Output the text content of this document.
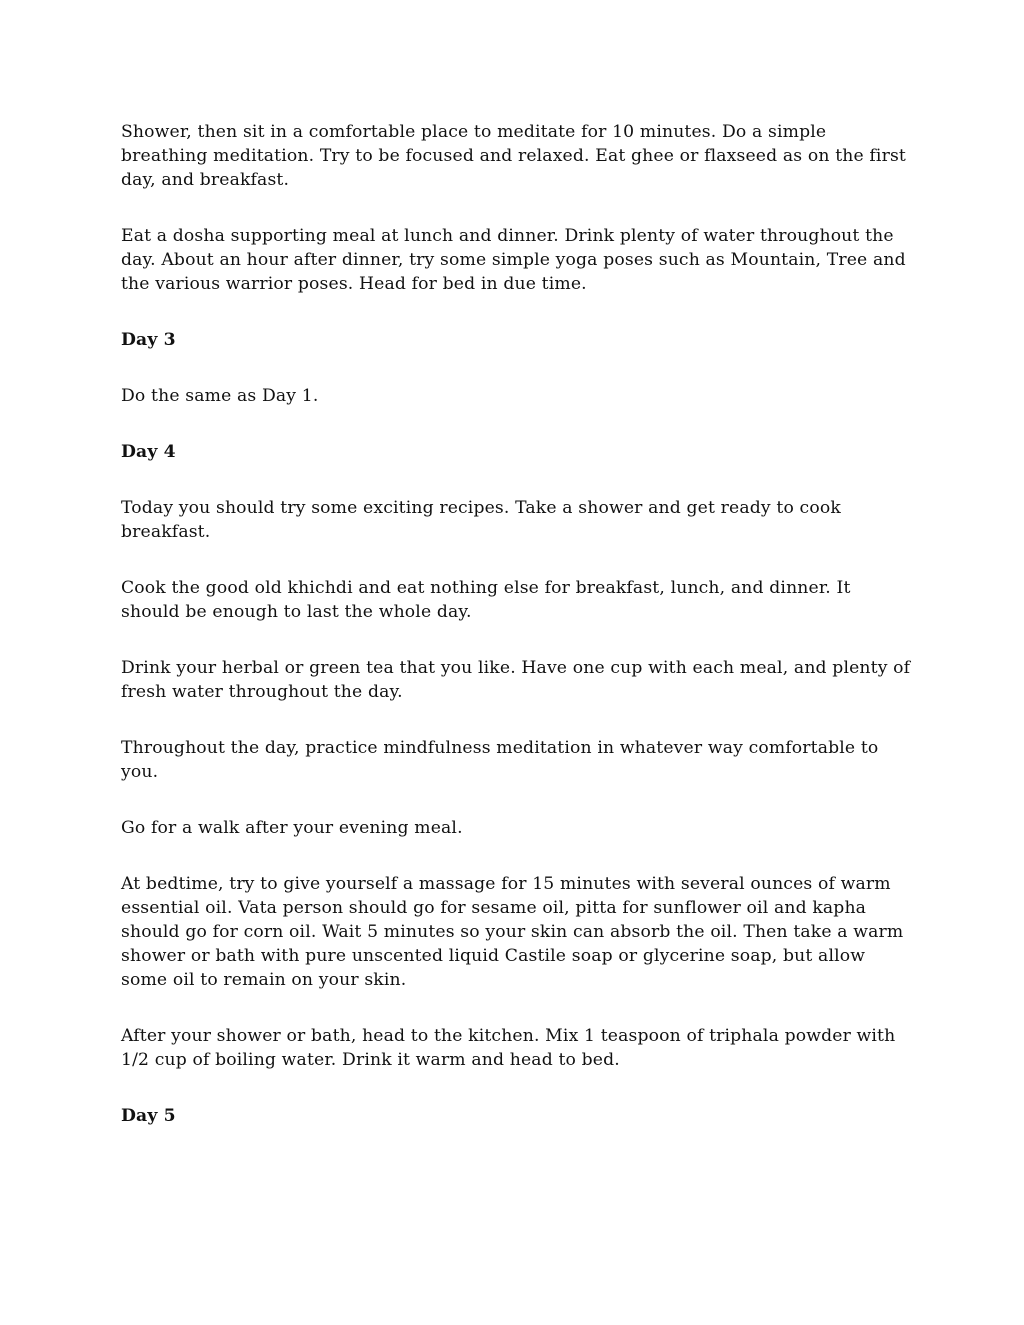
Shower, then sit in a comfortable place to meditate for 10 minutes. Do a simple breathing meditation. Try to be focused and relaxed. Eat ghee or flaxseed as on the first day, and breakfast.

Eat a dosha supporting meal at lunch and dinner. Drink plenty of water throughout the day. About an hour after dinner, try some simple yoga poses such as Mountain, Tree and the various warrior poses. Head for bed in due time.

Day 3

Do the same as Day 1.

Day 4

Today you should try some exciting recipes. Take a shower and get ready to cook breakfast.

Cook the good old khichdi and eat nothing else for breakfast, lunch, and dinner. It should be enough to last the whole day.

Drink your herbal or green tea that you like. Have one cup with each meal, and plenty of fresh water throughout the day.

Throughout the day, practice mindfulness meditation in whatever way comfortable to you.

Go for a walk after your evening meal.

At bedtime, try to give yourself a massage for 15 minutes with several ounces of warm essential oil. Vata person should go for sesame oil, pitta for sunflower oil and kapha should go for corn oil. Wait 5 minutes so your skin can absorb the oil. Then take a warm shower or bath with pure unscented liquid Castile soap or glycerine soap, but allow some oil to remain on your skin.

After your shower or bath, head to the kitchen. Mix 1 teaspoon of triphala powder with 1/2 cup of boiling water. Drink it warm and head to bed.

Day 5
